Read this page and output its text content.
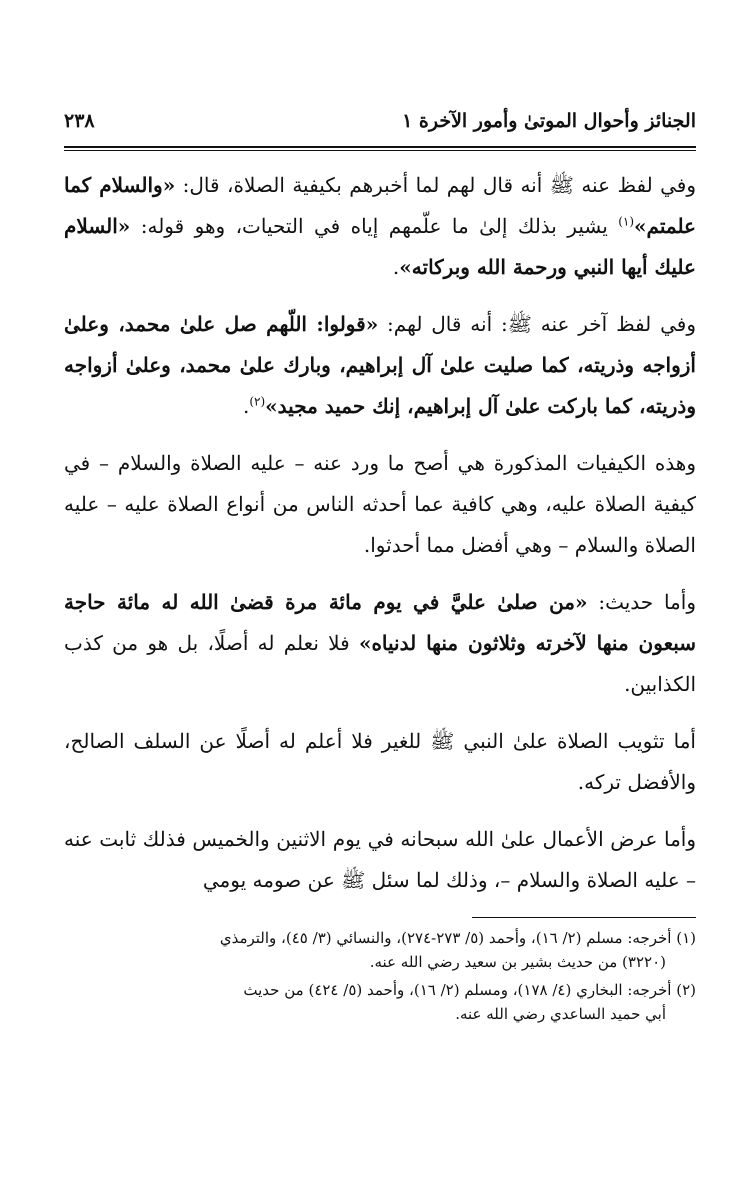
الجنائز وأحوال الموتىٰ وأمور الآخرة ١
٢٣٨

وفي لفظ عنه ﷺ أنه قال لهم لما أخبرهم بكيفية الصلاة، قال: «والسلام كما علمتم»$^{(١)}$ يشير بذلك إلىٰ ما علّمهم إياه في التحيات، وهو قوله: «السلام عليك أيها النبي ورحمة الله وبركاته».

وفي لفظ آخر عنه ﷺ: أنه قال لهم: «قولوا: اللّهم صل علىٰ محمد، وعلىٰ أزواجه وذريته، كما صليت علىٰ آل إبراهيم، وبارك علىٰ محمد، وعلىٰ أزواجه وذريته، كما باركت علىٰ آل إبراهيم، إنك حميد مجيد»$^{(٢)}$.

وهذه الكيفيات المذكورة هي أصح ما ورد عنه – عليه الصلاة والسلام – في كيفية الصلاة عليه، وهي كافية عما أحدثه الناس من أنواع الصلاة عليه – عليه الصلاة والسلام – وهي أفضل مما أحدثوا.

وأما حديث: «من صلىٰ عليَّ في يوم مائة مرة قضىٰ الله له مائة حاجة سبعون منها لآخرته وثلاثون منها لدنياه» فلا نعلم له أصلًا، بل هو من كذب الكذابين.

أما تثويب الصلاة علىٰ النبي ﷺ للغير فلا أعلم له أصلًا عن السلف الصالح، والأفضل تركه.

وأما عرض الأعمال علىٰ الله سبحانه في يوم الاثنين والخميس فذلك ثابت عنه – عليه الصلاة والسلام –، وذلك لما سئل ﷺ عن صومه يومي

(١) أخرجه: مسلم (٢/ ١٦)، وأحمد (٥/ ٢٧٣-٢٧٤)، والنسائي (٣/ ٤٥)، والترمذي
(٣٢٢٠) من حديث بشير بن سعيد رضي الله عنه.

(٢) أخرجه: البخاري (٤/ ١٧٨)، ومسلم (٢/ ١٦)، وأحمد (٥/ ٤٢٤) من حديث
أبي حميد الساعدي رضي الله عنه.
